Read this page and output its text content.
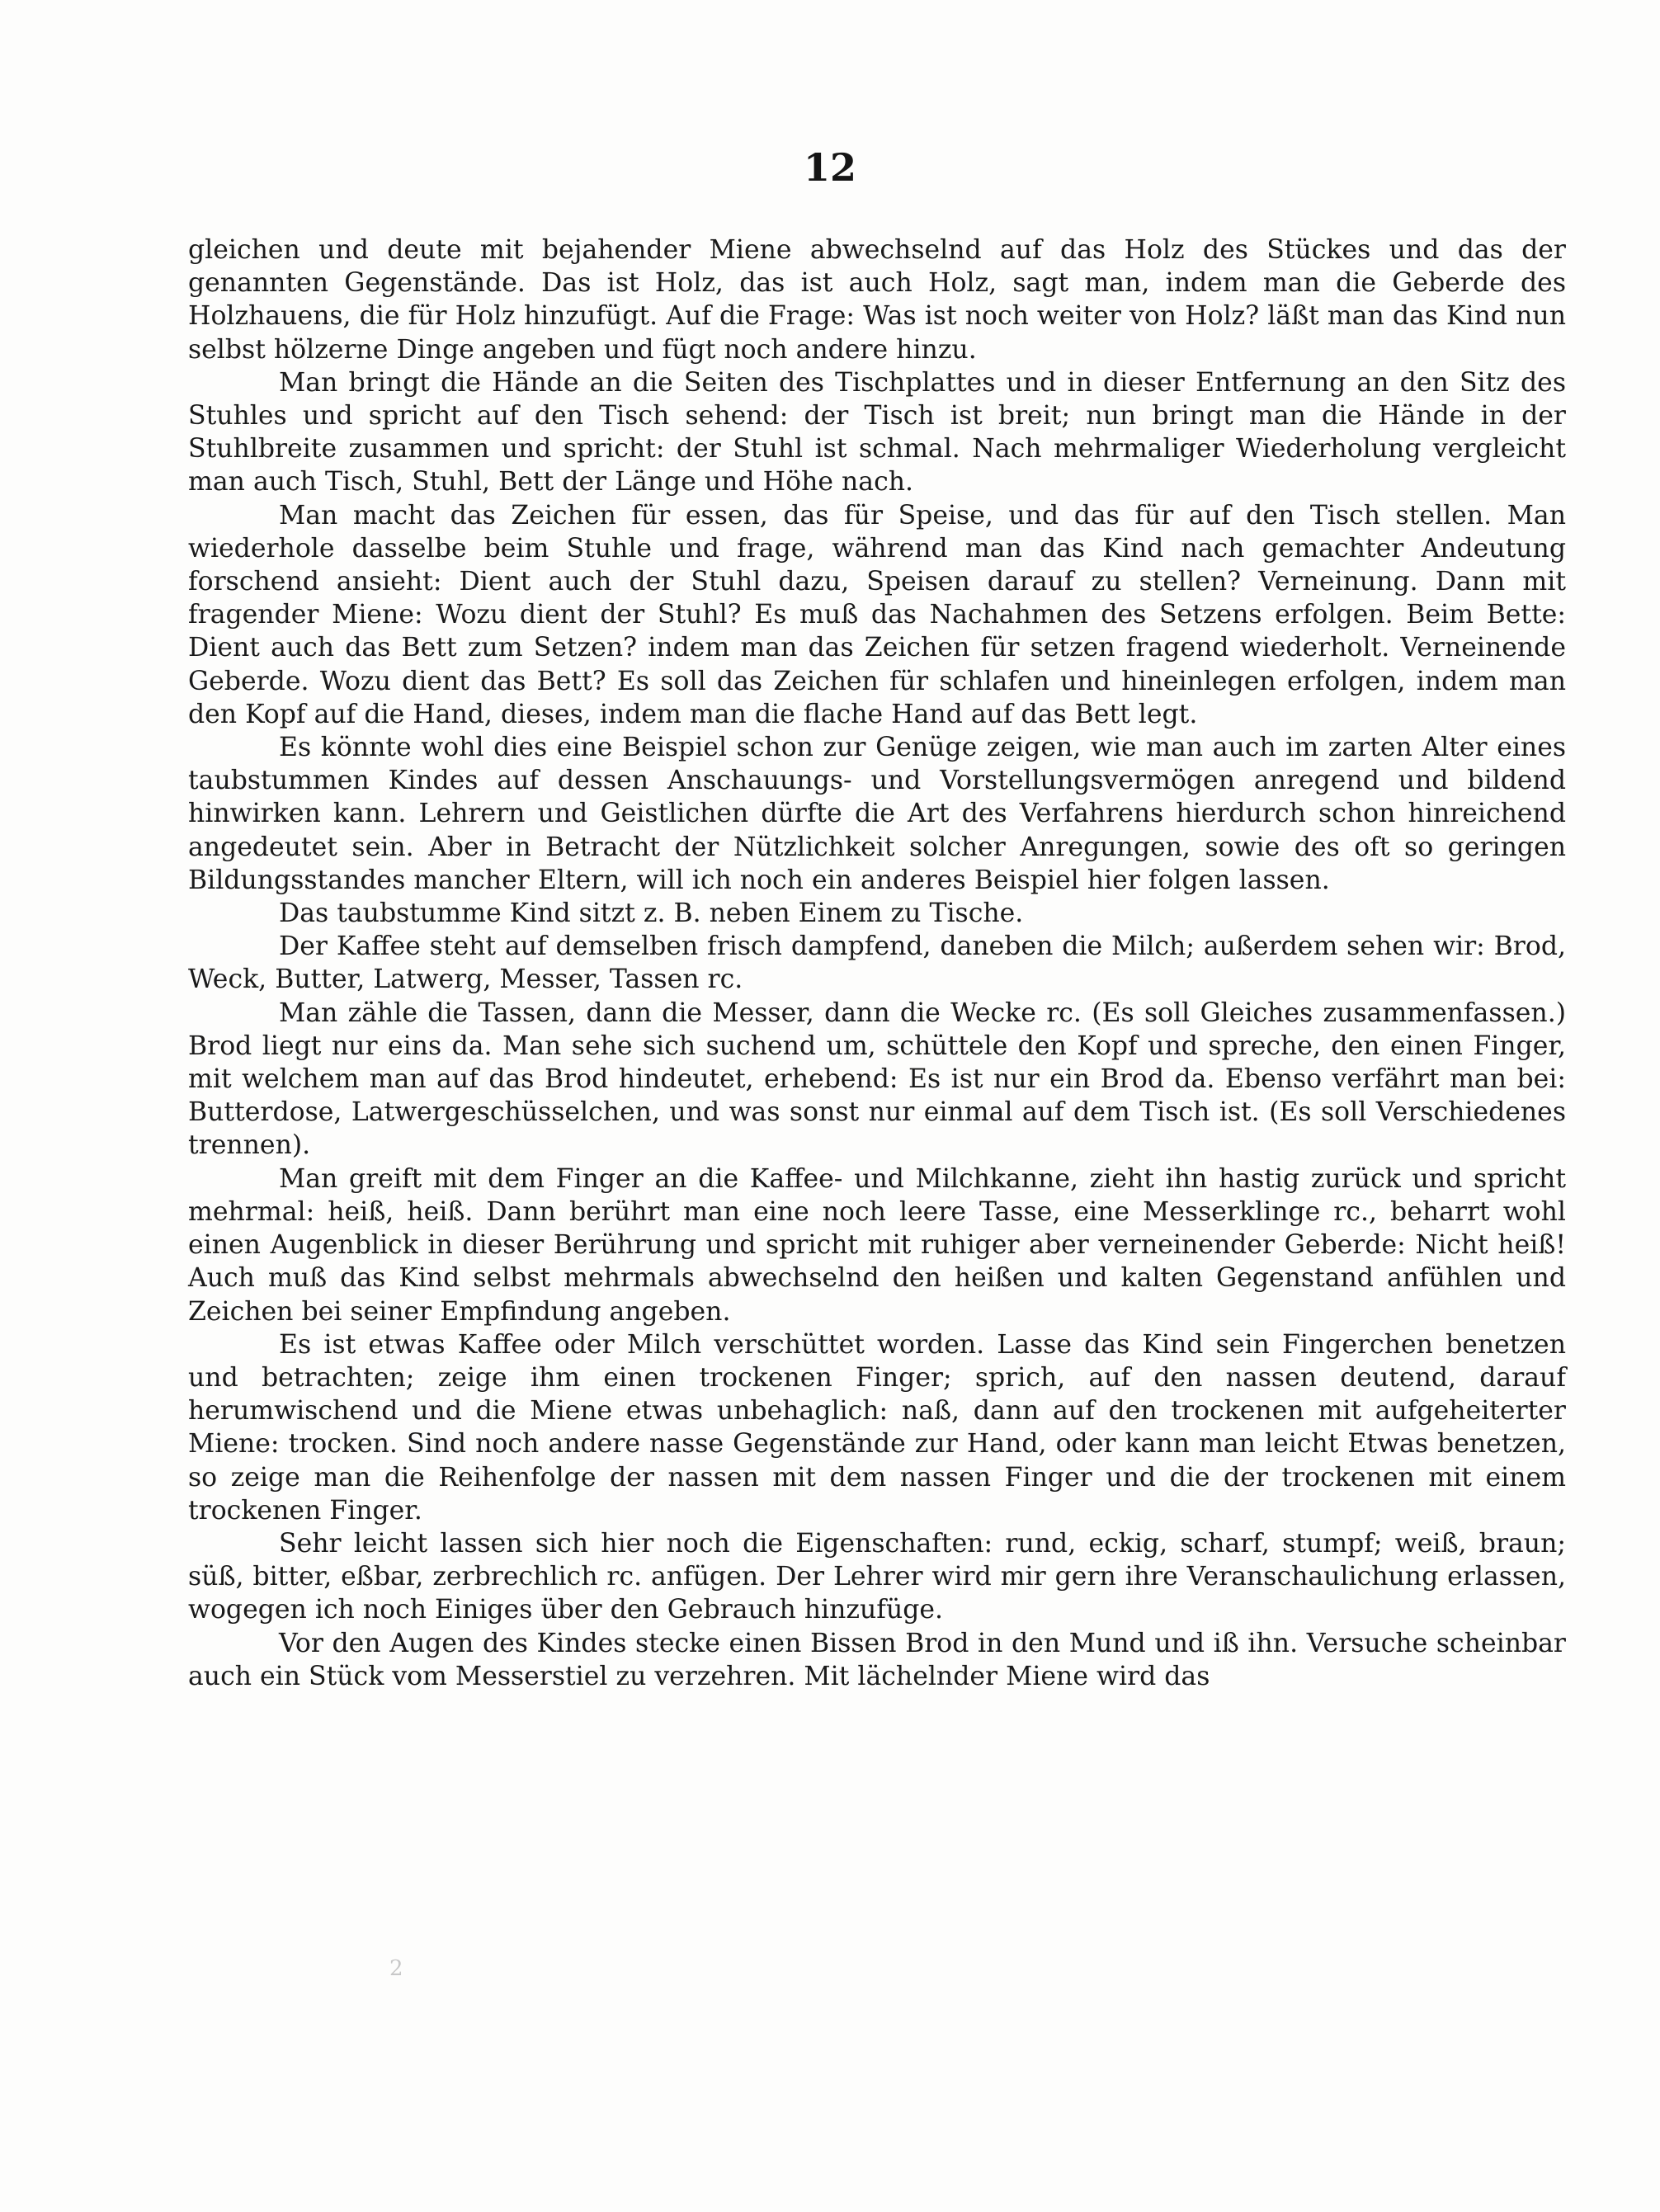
12

gleichen und deute mit bejahender Miene abwechselnd auf das Holz des Stückes und das der genannten Gegenstände. Das ist Holz, das ist auch Holz, sagt man, indem man die Geberde des Holzhauens, die für Holz hinzufügt. Auf die Frage: Was ist noch weiter von Holz? läßt man das Kind nun selbst hölzerne Dinge angeben und fügt noch andere hinzu.

Man bringt die Hände an die Seiten des Tischplattes und in dieser Entfernung an den Sitz des Stuhles und spricht auf den Tisch sehend: der Tisch ist breit; nun bringt man die Hände in der Stuhlbreite zusammen und spricht: der Stuhl ist schmal. Nach mehrmaliger Wiederholung vergleicht man auch Tisch, Stuhl, Bett der Länge und Höhe nach.

Man macht das Zeichen für essen, das für Speise, und das für auf den Tisch stellen. Man wiederhole dasselbe beim Stuhle und frage, während man das Kind nach gemachter Andeutung forschend ansieht: Dient auch der Stuhl dazu, Speisen darauf zu stellen? Verneinung. Dann mit fragender Miene: Wozu dient der Stuhl? Es muß das Nachahmen des Setzens erfolgen. Beim Bette: Dient auch das Bett zum Setzen? indem man das Zeichen für setzen fragend wiederholt. Verneinende Geberde. Wozu dient das Bett? Es soll das Zeichen für schlafen und hineinlegen erfolgen, indem man den Kopf auf die Hand, dieses, indem man die flache Hand auf das Bett legt.

Es könnte wohl dies eine Beispiel schon zur Genüge zeigen, wie man auch im zarten Alter eines taubstummen Kindes auf dessen Anschauungs- und Vorstellungsvermögen anregend und bildend hinwirken kann. Lehrern und Geistlichen dürfte die Art des Verfahrens hierdurch schon hinreichend angedeutet sein. Aber in Betracht der Nützlichkeit solcher Anregungen, sowie des oft so geringen Bildungsstandes mancher Eltern, will ich noch ein anderes Beispiel hier folgen lassen.

Das taubstumme Kind sitzt z. B. neben Einem zu Tische.

Der Kaffee steht auf demselben frisch dampfend, daneben die Milch; außerdem sehen wir: Brod, Weck, Butter, Latwerg, Messer, Tassen rc.

Man zähle die Tassen, dann die Messer, dann die Wecke rc. (Es soll Gleiches zusammenfassen.) Brod liegt nur eins da. Man sehe sich suchend um, schüttele den Kopf und spreche, den einen Finger, mit welchem man auf das Brod hindeutet, erhebend: Es ist nur ein Brod da. Ebenso verfährt man bei: Butterdose, Latwergeschüsselchen, und was sonst nur einmal auf dem Tisch ist. (Es soll Verschiedenes trennen).

Man greift mit dem Finger an die Kaffee- und Milchkanne, zieht ihn hastig zurück und spricht mehrmal: heiß, heiß. Dann berührt man eine noch leere Tasse, eine Messerklinge rc., beharrt wohl einen Augenblick in dieser Berührung und spricht mit ruhiger aber verneinender Geberde: Nicht heiß! Auch muß das Kind selbst mehrmals abwechselnd den heißen und kalten Gegenstand anfühlen und Zeichen bei seiner Empfindung angeben.

Es ist etwas Kaffee oder Milch verschüttet worden. Lasse das Kind sein Fingerchen benetzen und betrachten; zeige ihm einen trockenen Finger; sprich, auf den nassen deutend, darauf herumwischend und die Miene etwas unbehaglich: naß, dann auf den trockenen mit aufgeheiterter Miene: trocken. Sind noch andere nasse Gegenstände zur Hand, oder kann man leicht Etwas benetzen, so zeige man die Reihenfolge der nassen mit dem nassen Finger und die der trockenen mit einem trockenen Finger.

Sehr leicht lassen sich hier noch die Eigenschaften: rund, eckig, scharf, stumpf; weiß, braun; süß, bitter, eßbar, zerbrechlich rc. anfügen. Der Lehrer wird mir gern ihre Veranschaulichung erlassen, wogegen ich noch Einiges über den Gebrauch hinzufüge.

Vor den Augen des Kindes stecke einen Bissen Brod in den Mund und iß ihn. Versuche scheinbar auch ein Stück vom Messerstiel zu verzehren. Mit lächelnder Miene wird das

2
